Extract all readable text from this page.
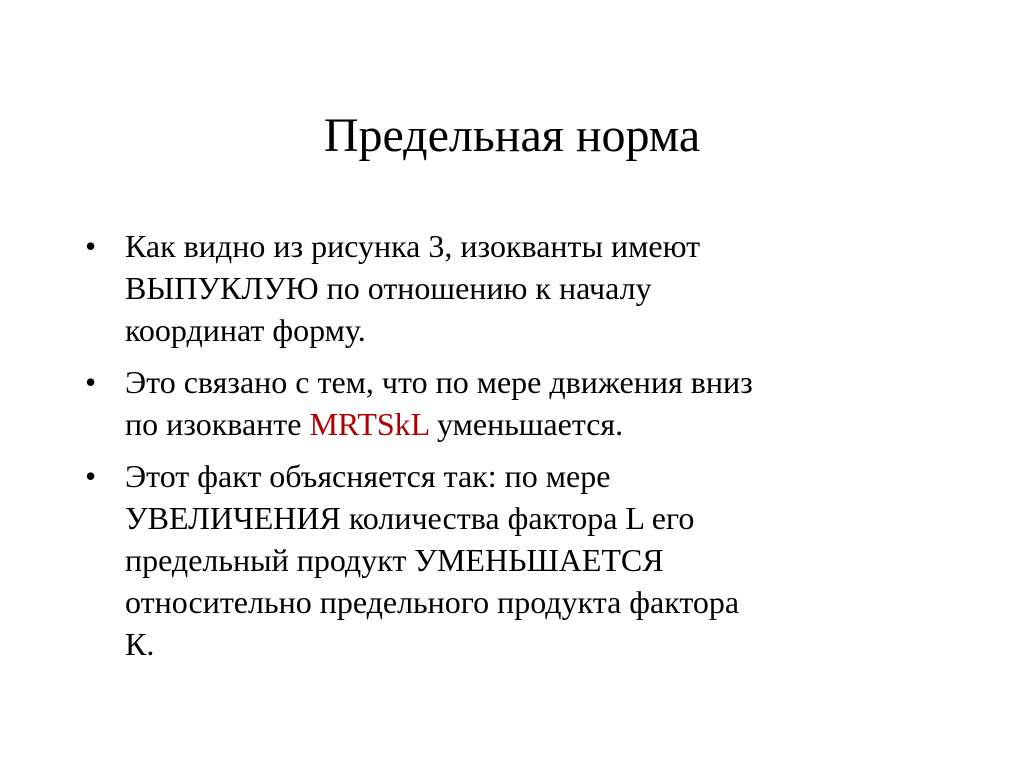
Предельная норма
• Как видно из рисунка 3, изокванты имеют
ВЫПУКЛУЮ по отношению к началу
координат форму.
• Это связано с тем, что по мере движения вниз
по изокванте MRTSkL уменьшается.
• Этот факт объясняется так: по мере
УВЕЛИЧЕНИЯ количества фактора L его
предельный продукт УМЕНЬШАЕТСЯ
относительно предельного продукта фактора
К.
